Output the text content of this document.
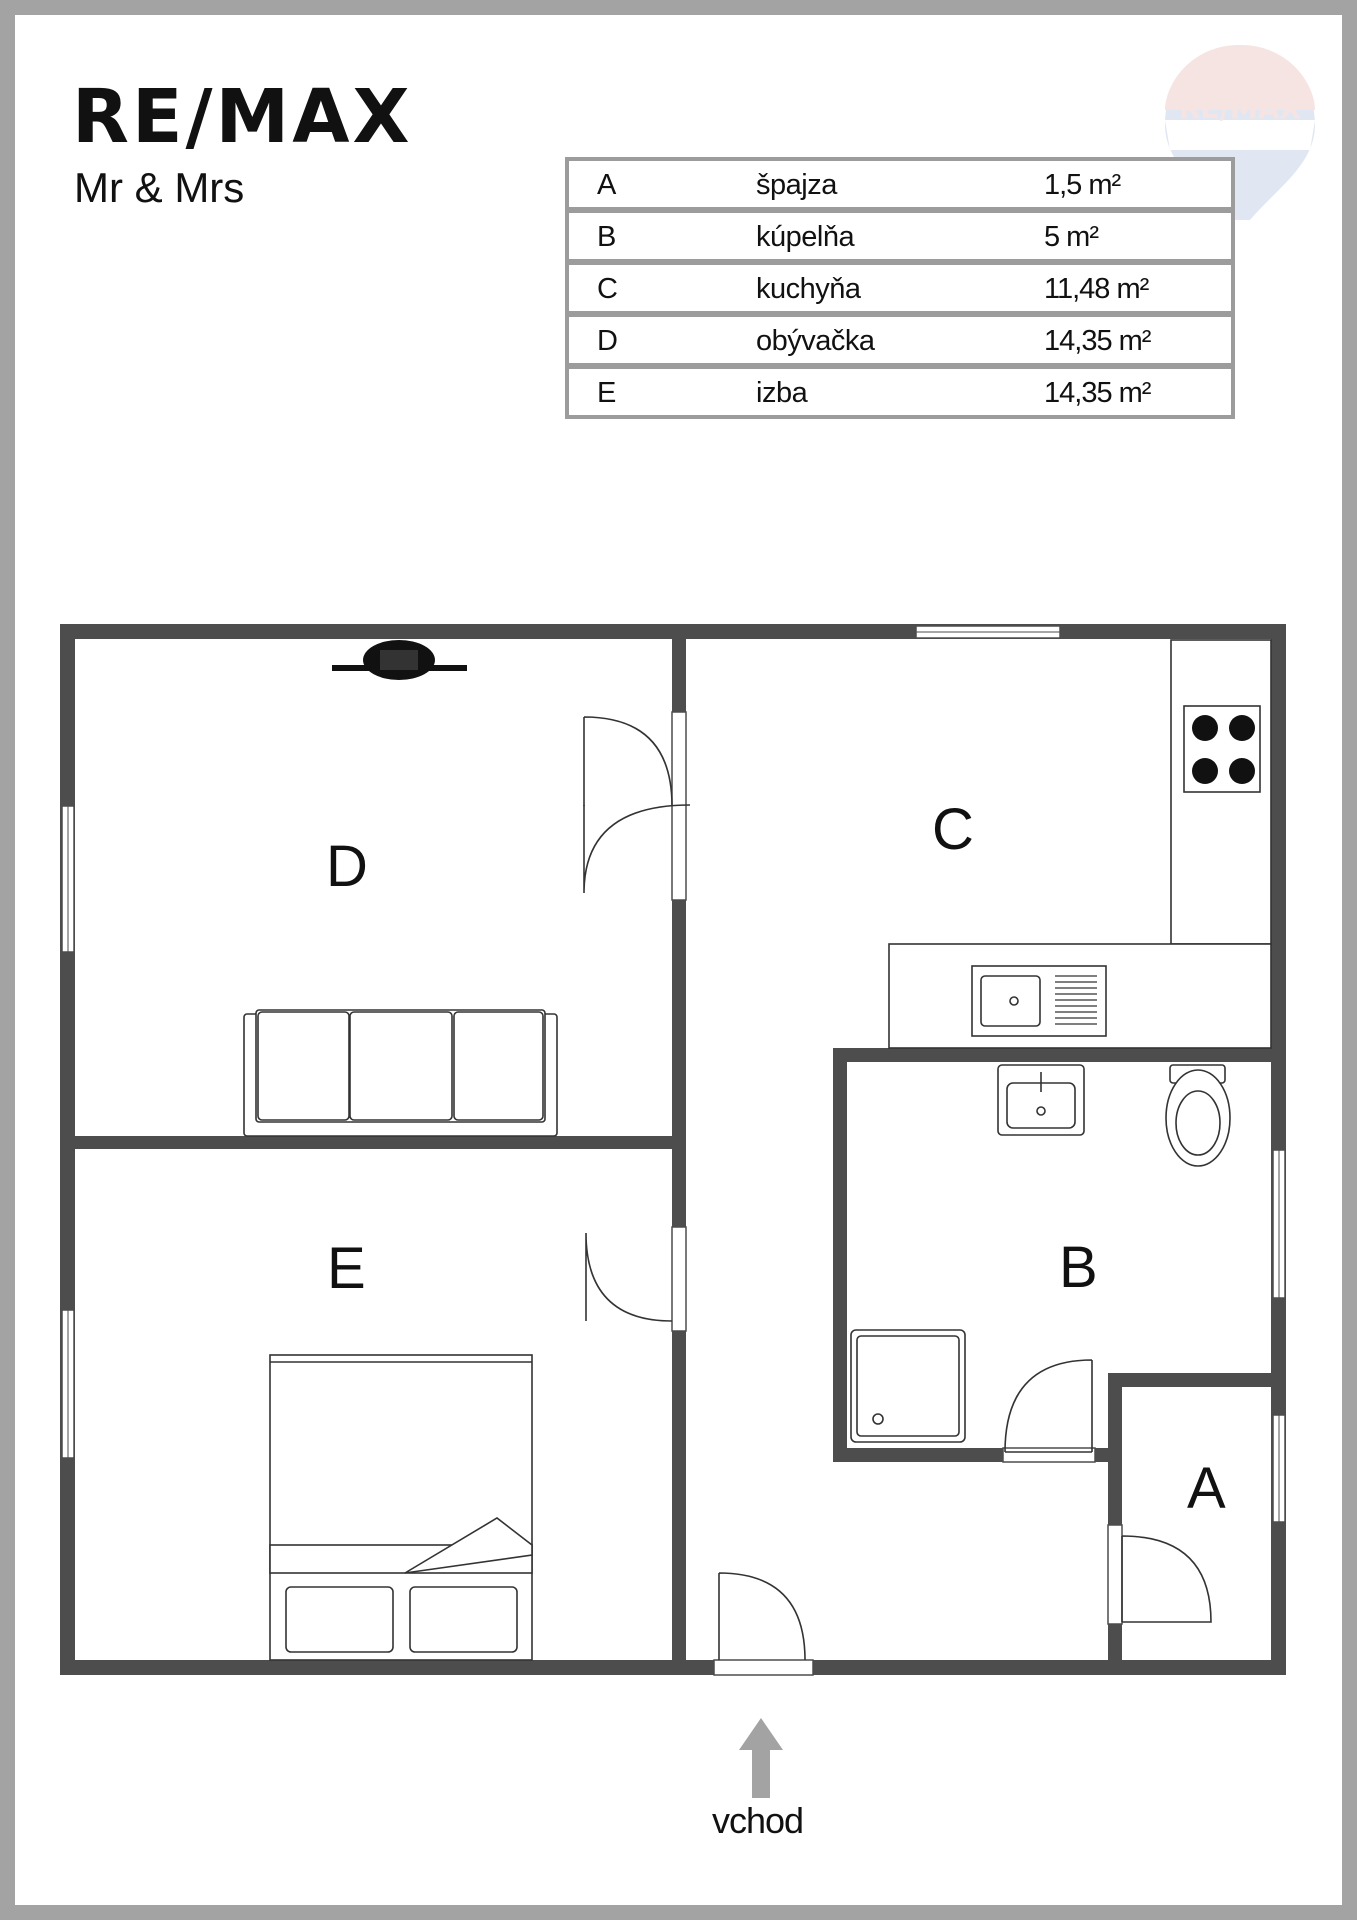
RE/MAX
Mr & Mrs
RE/MAX
A	špajza	1,5 m²
B	kúpelňa	5 m²
C	kuchyňa	11,48 m²
D	obývačka	14,35 m²
E	izba	14,35 m²
D
C
E	B
A
vchod
